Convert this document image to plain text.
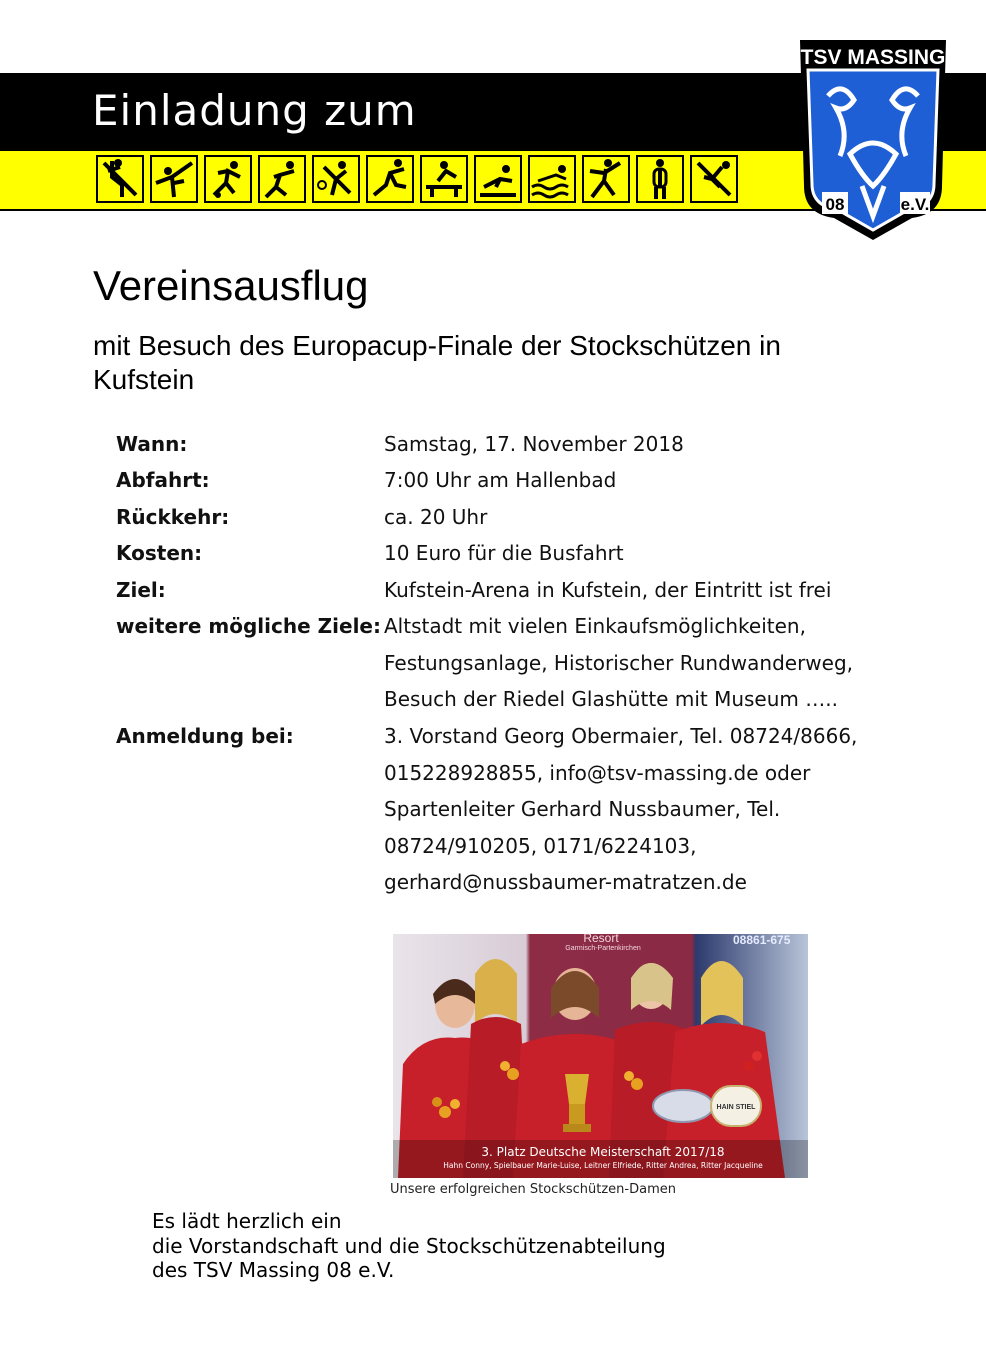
Einladung zum
TSV MASSING
08	e.V.
Vereinsausflug
mit Besuch des Europacup-Finale der Stockschützen in Kufstein
Wann:	Samstag, 17. November 2018
Abfahrt:	7:00 Uhr am Hallenbad
Rückkehr:	ca. 20 Uhr
Kosten:	10 Euro für die Busfahrt
Ziel:	Kufstein-Arena in Kufstein, der Eintritt ist frei
weitere mögliche Ziele: Altstadt mit vielen Einkaufsmöglichkeiten,
Festungsanlage, Historischer Rundwanderweg,
Besuch der Riedel Glashütte mit Museum …..
Anmeldung bei:	3. Vorstand Georg Obermaier, Tel. 08724/8666,
015228928855, info@tsv-massing.de oder
Spartenleiter Gerhard Nussbaumer, Tel.
08724/910205, 0171/6224103,
gerhard@nussbaumer-matratzen.de
Resort
Garmisch-Partenkirchen
08861-675
HAIN STIEL
3. Platz Deutsche Meisterschaft 2017/18
Hahn Conny, Spielbauer Marie-Luise, Leitner Elfriede, Ritter Andrea, Ritter Jacqueline
Unsere erfolgreichen Stockschützen-Damen
Es lädt herzlich ein
die Vorstandschaft und die Stockschützenabteilung
des TSV Massing 08 e.V.
